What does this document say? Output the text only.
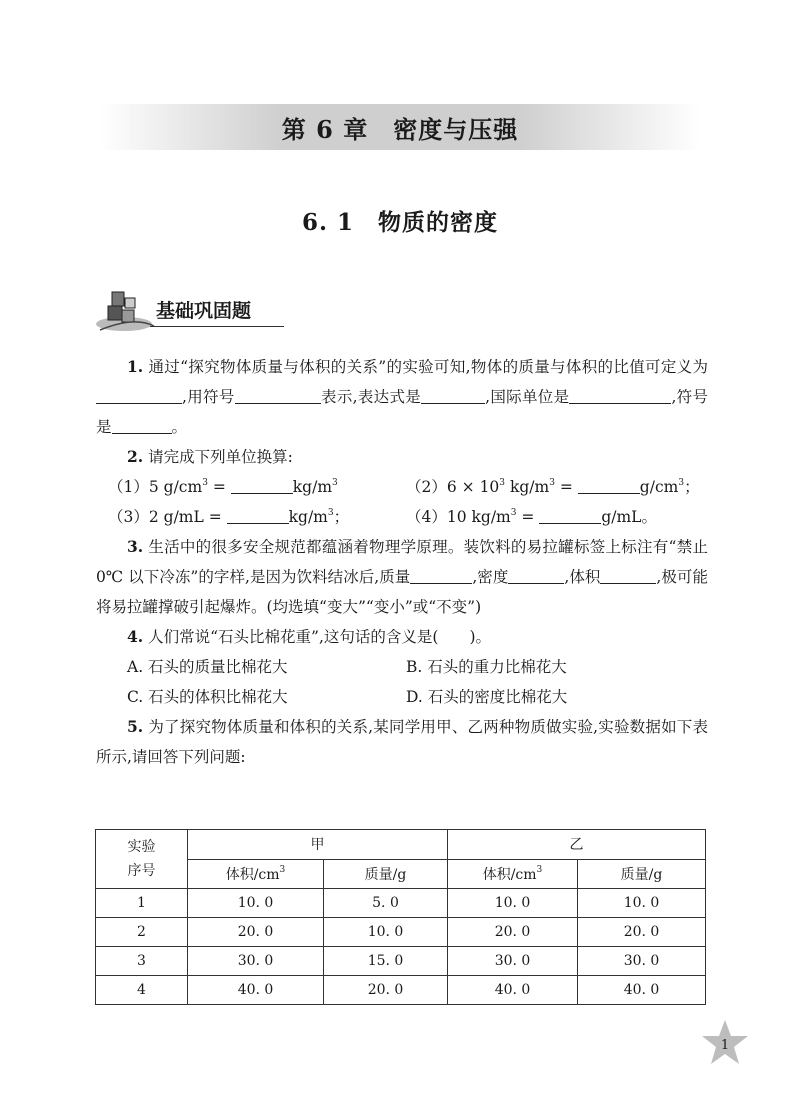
第 6 章　密度与压强
6. 1　物质的密度
基础巩固题

1. 通过“探究物体质量与体积的关系”的实验可知,物体的质量与体积的比值可定义为,用符号	表示,表达式是	,国际单位是	,符号是	。

2. 请完成下列单位换算:

（1）5 $g/cm^3$ =	$kg/m^3$	$(2)6 \times 10^3$ $kg/m^3$ =	$g/cm^3$；
（3）2 g/mL =	$kg/m^3$；	（4）10 $kg/m^3$ =	g/mL。

3. 生活中的很多安全规范都蕴涵着物理学原理。装饮料的易拉罐标签上标注有“禁止 0℃ 以下冷冻”的字样,是因为饮料结冰后,质量	,密度	,体积	,极可能将易拉罐撑破引起爆炸。(均选填“变大”“变小”或“不变”)

4. 人们常说“石头比棉花重”,这句话的含义是(　　)。

A. 石头的质量比棉花大	B. 石头的重力比棉花大
C. 石头的体积比棉花大	D. 石头的密度比棉花大

5. 为了探究物体质量和体积的关系,某同学用甲、乙两种物质做实验,实验数据如下表所示,请回答下列问题:

实验
序号	甲		乙	
	体积$/cm^3$	质量/g	体积$/cm^3$	质量/g
1	10. 0	5. 0	10. 0	10. 0
2	20. 0	10. 0	20. 0	20. 0
3	30. 0	15. 0	30. 0	30. 0
4	40. 0	20. 0	40. 0	40. 0
1
